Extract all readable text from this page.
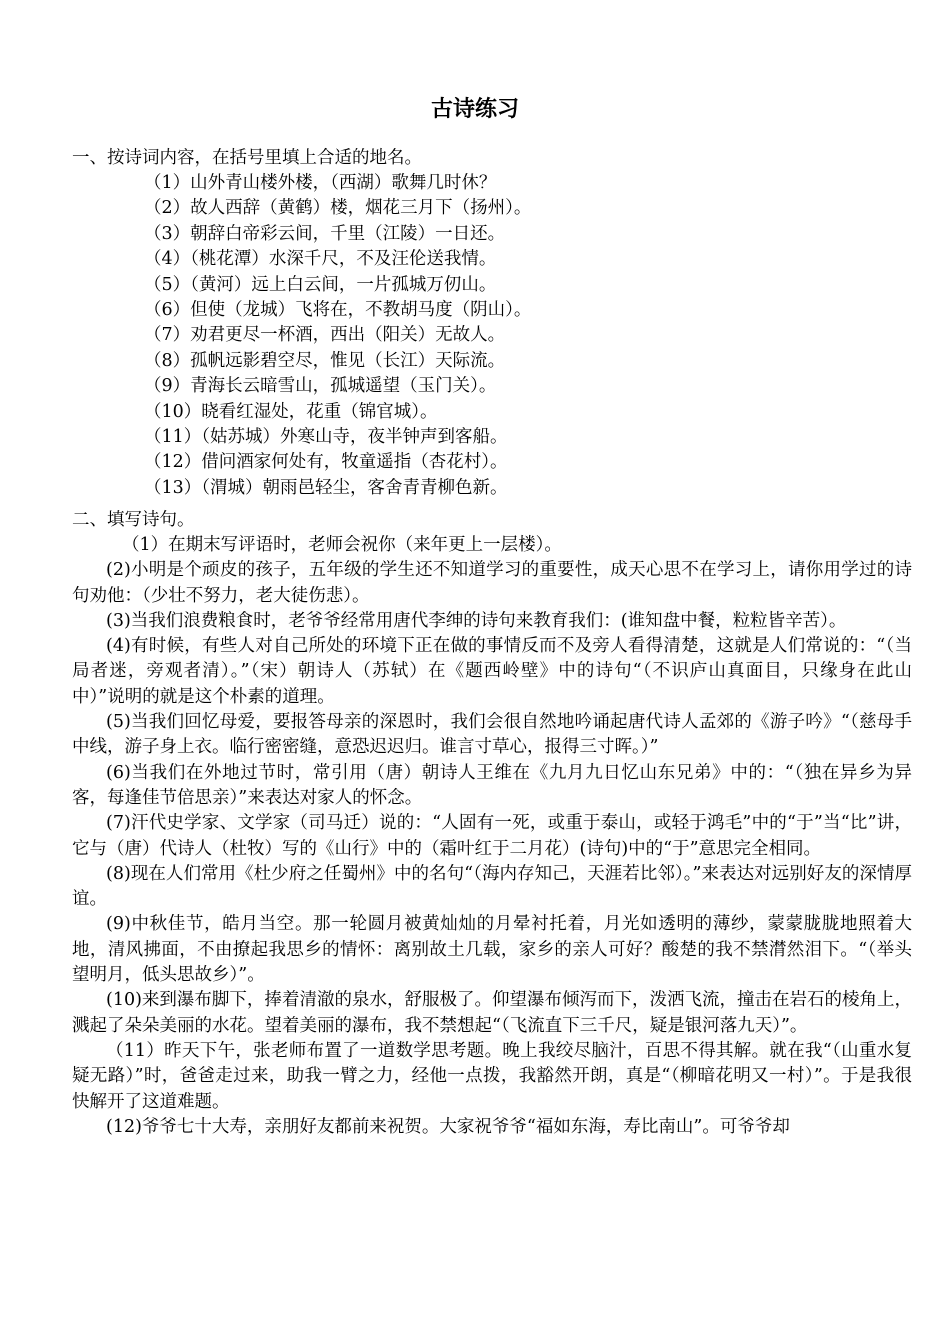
古诗练习
一、按诗词内容，在括号里填上合适的地名。
（1）山外青山楼外楼，（西湖）歌舞几时休？
（2）故人西辞（黄鹤）楼，烟花三月下（扬州）。
（3）朝辞白帝彩云间，千里（江陵）一日还。
（4）（桃花潭）水深千尺，不及汪伦送我情。
（5）（黄河）远上白云间，一片孤城万仞山。
（6）但使（龙城）飞将在，不教胡马度（阴山）。
（7）劝君更尽一杯酒，西出（阳关）无故人。
（8）孤帆远影碧空尽，惟见（长江）天际流。
（9）青海长云暗雪山，孤城遥望（玉门关）。
（10）晓看红湿处，花重（锦官城）。
（11）（姑苏城）外寒山寺，夜半钟声到客船。
（12）借问酒家何处有，牧童遥指（杏花村）。
（13）（渭城）朝雨邑轻尘，客舍青青柳色新。
二、填写诗句。

（1）在期末写评语时，老师会祝你（来年更上一层楼）。

(2)小明是个顽皮的孩子，五年级的学生还不知道学习的重要性，成天心思不在学习上，请你用学过的诗句劝他：（少壮不努力，老大徒伤悲）。

(3)当我们浪费粮食时，老爷爷经常用唐代李绅的诗句来教育我们：(谁知盘中餐，粒粒皆辛苦）。

(4)有时候，有些人对自己所处的环境下正在做的事情反而不及旁人看得清楚，这就是人们常说的：“（当局者迷，旁观者清）。”（宋）朝诗人（苏轼）在《题西岭壁》中的诗句“（不识庐山真面目，只缘身在此山中）”说明的就是这个朴素的道理。

(5)当我们回忆母爱，要报答母亲的深恩时，我们会很自然地吟诵起唐代诗人孟郊的《游子吟》“（慈母手中线，游子身上衣。临行密密缝，意恐迟迟归。谁言寸草心，报得三寸晖。）”

(6)当我们在外地过节时，常引用（唐）朝诗人王维在《九月九日忆山东兄弟》中的：“（独在异乡为异客，每逢佳节倍思亲）”来表达对家人的怀念。

(7)汗代史学家、文学家（司马迁）说的：“人固有一死，或重于泰山，或轻于鸿毛”中的“于”当“比”讲，它与（唐）代诗人（杜牧）写的《山行》中的（霜叶红于二月花）(诗句)中的“于”意思完全相同。

(8)现在人们常用《杜少府之任蜀州》中的名句“（海内存知己，天涯若比邻）。”来表达对远别好友的深情厚谊。

(9)中秋佳节，皓月当空。那一轮圆月被黄灿灿的月晕衬托着，月光如透明的薄纱，蒙蒙胧胧地照着大地，清风拂面，不由撩起我思乡的情怀：离别故土几载，家乡的亲人可好？酸楚的我不禁潸然泪下。“（举头望明月，低头思故乡）”。

(10)来到瀑布脚下，捧着清澈的泉水，舒服极了。仰望瀑布倾泻而下，泼洒飞流，撞击在岩石的棱角上，溅起了朵朵美丽的水花。望着美丽的瀑布，我不禁想起“（飞流直下三千尺，疑是银河落九天）”。

（11）昨天下午，张老师布置了一道数学思考题。晚上我绞尽脑汁，百思不得其解。就在我“（山重水复疑无路）”时，爸爸走过来，助我一臂之力，经他一点拨，我豁然开朗，真是“（柳暗花明又一村）”。于是我很快解开了这道难题。

(12)爷爷七十大寿，亲朋好友都前来祝贺。大家祝爷爷“福如东海，寿比南山”。可爷爷却
